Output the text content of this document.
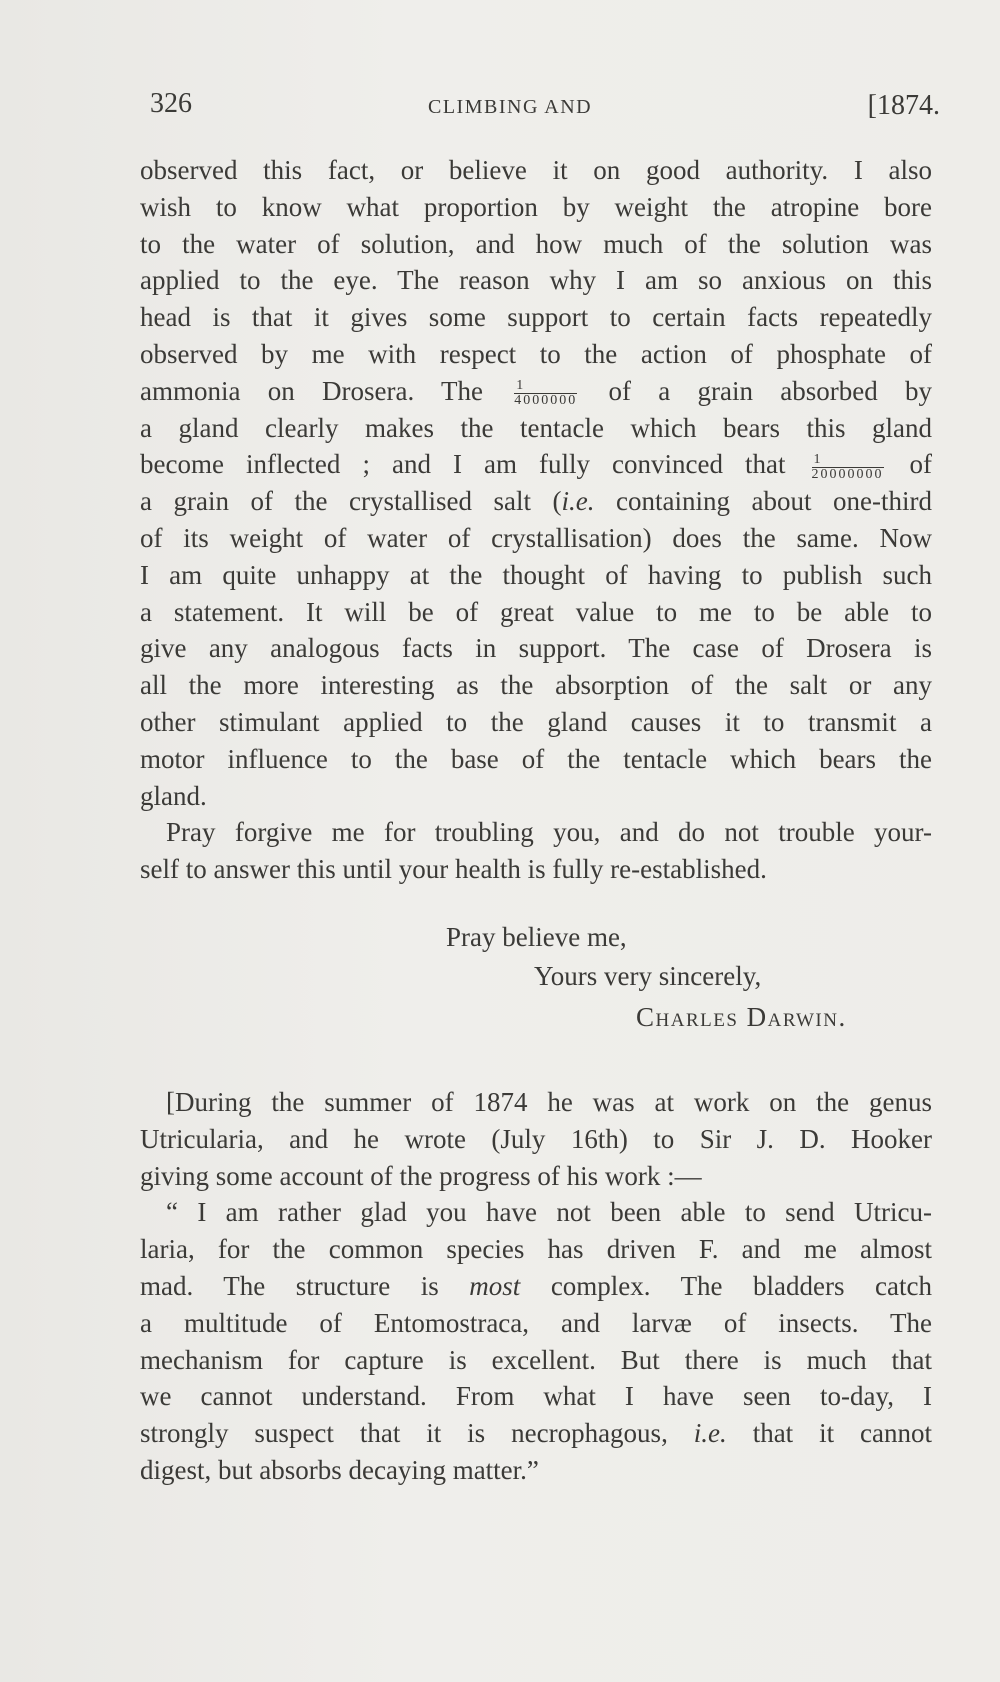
326	CLIMBING AND	[1874.
observed this fact, or believe it on good authority. I also
wish to know what proportion by weight the atropine bore
to the water of solution, and how much of the solution was
applied to the eye. The reason why I am so anxious on this
head is that it gives some support to certain facts repeatedly
observed by me with respect to the action of phosphate of
ammonia on Drosera. The $\frac{1}{4000000}$ of a grain absorbed by
a gland clearly makes the tentacle which bears this gland
become inflected ; and I am fully convinced that $\frac{1}{20000000}$ of
a grain of the crystallised salt (i.e. containing about one-third
of its weight of water of crystallisation) does the same. Now
I am quite unhappy at the thought of having to publish such
a statement. It will be of great value to me to be able to
give any analogous facts in support. The case of Drosera is
all the more interesting as the absorption of the salt or any
other stimulant applied to the gland causes it to transmit a
motor influence to the base of the tentacle which bears the
gland.
Pray forgive me for troubling you, and do not trouble your-
self to answer this until your health is fully re-established.
Pray believe me,
Yours very sincerely,
Charles Darwin.
[During the summer of 1874 he was at work on the genus
Utricularia, and he wrote (July 16th) to Sir J. D. Hooker
giving some account of the progress of his work :—
“ I am rather glad you have not been able to send Utricu-
laria, for the common species has driven F. and me almost
mad. The structure is most complex. The bladders catch
a multitude of Entomostraca, and larvæ of insects. The
mechanism for capture is excellent. But there is much that
we cannot understand. From what I have seen to-day, I
strongly suspect that it is necrophagous, i.e. that it cannot
digest, but absorbs decaying matter.”
